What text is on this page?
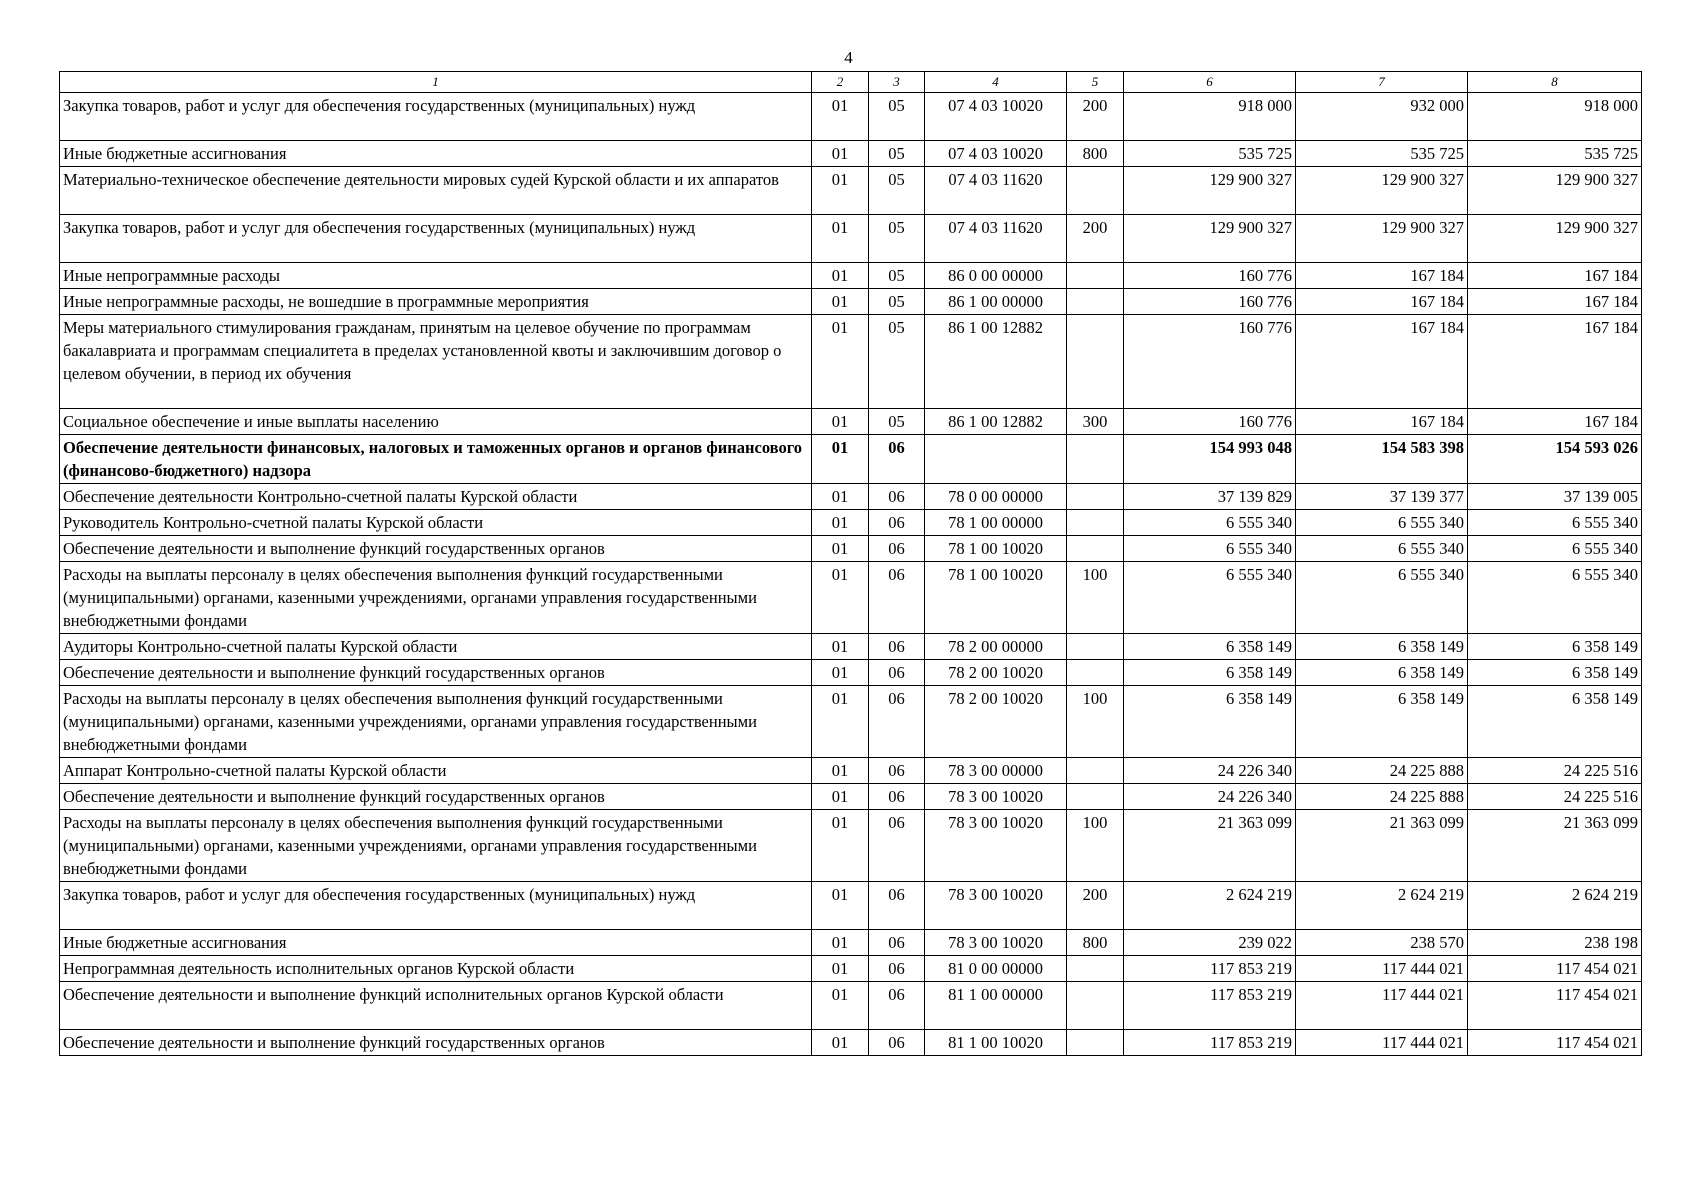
4
1	2	3	4	5	6	7	8
Закупка товаров, работ и услуг для обеспечения государственных (муниципальных) нужд	01	05	07 4 03 10020	200	918 000	932 000	918 000
Иные бюджетные ассигнования	01	05	07 4 03 10020	800	535 725	535 725	535 725
Материально-техническое обеспечение деятельности мировых судей Курской области и их аппаратов	01	05	07 4 03 11620		129 900 327	129 900 327	129 900 327
Закупка товаров, работ и услуг для обеспечения государственных (муниципальных) нужд	01	05	07 4 03 11620	200	129 900 327	129 900 327	129 900 327
Иные непрограммные расходы	01	05	86 0 00 00000		160 776	167 184	167 184
Иные непрограммные расходы, не вошедшие в программные мероприятия	01	05	86 1 00 00000		160 776	167 184	167 184
Меры материального стимулирования гражданам, принятым на целевое обучение по программам бакалавриата и программам специалитета в пределах установленной квоты и заключившим договор о целевом обучении, в период их обучения	01	05	86 1 00 12882		160 776	167 184	167 184
Социальное обеспечение и иные выплаты населению	01	05	86 1 00 12882	300	160 776	167 184	167 184
Обеспечение деятельности финансовых, налоговых и таможенных органов и органов финансового (финансово-бюджетного) надзора	01	06			154 993 048	154 583 398	154 593 026
Обеспечение деятельности Контрольно-счетной палаты Курской области	01	06	78 0 00 00000		37 139 829	37 139 377	37 139 005
Руководитель Контрольно-счетной палаты Курской области	01	06	78 1 00 00000		6 555 340	6 555 340	6 555 340
Обеспечение деятельности и выполнение функций государственных органов	01	06	78 1 00 10020		6 555 340	6 555 340	6 555 340
Расходы на выплаты персоналу в целях обеспечения выполнения функций государственными (муниципальными) органами, казенными учреждениями, органами управления государственными внебюджетными фондами	01	06	78 1 00 10020	100	6 555 340	6 555 340	6 555 340
Аудиторы Контрольно-счетной палаты Курской области	01	06	78 2 00 00000		6 358 149	6 358 149	6 358 149
Обеспечение деятельности и выполнение функций государственных органов	01	06	78 2 00 10020		6 358 149	6 358 149	6 358 149
Расходы на выплаты персоналу в целях обеспечения выполнения функций государственными (муниципальными) органами, казенными учреждениями, органами управления государственными внебюджетными фондами	01	06	78 2 00 10020	100	6 358 149	6 358 149	6 358 149
Аппарат Контрольно-счетной палаты Курской области	01	06	78 3 00 00000		24 226 340	24 225 888	24 225 516
Обеспечение деятельности и выполнение функций государственных органов	01	06	78 3 00 10020		24 226 340	24 225 888	24 225 516
Расходы на выплаты персоналу в целях обеспечения выполнения функций государственными (муниципальными) органами, казенными учреждениями, органами управления государственными внебюджетными фондами	01	06	78 3 00 10020	100	21 363 099	21 363 099	21 363 099
Закупка товаров, работ и услуг для обеспечения государственных (муниципальных) нужд	01	06	78 3 00 10020	200	2 624 219	2 624 219	2 624 219
Иные бюджетные ассигнования	01	06	78 3 00 10020	800	239 022	238 570	238 198
Непрограммная деятельность исполнительных органов Курской области	01	06	81 0 00 00000		117 853 219	117 444 021	117 454 021
Обеспечение деятельности и выполнение функций исполнительных органов Курской области	01	06	81 1 00 00000		117 853 219	117 444 021	117 454 021
Обеспечение деятельности и выполнение функций государственных органов	01	06	81 1 00 10020		117 853 219	117 444 021	117 454 021
